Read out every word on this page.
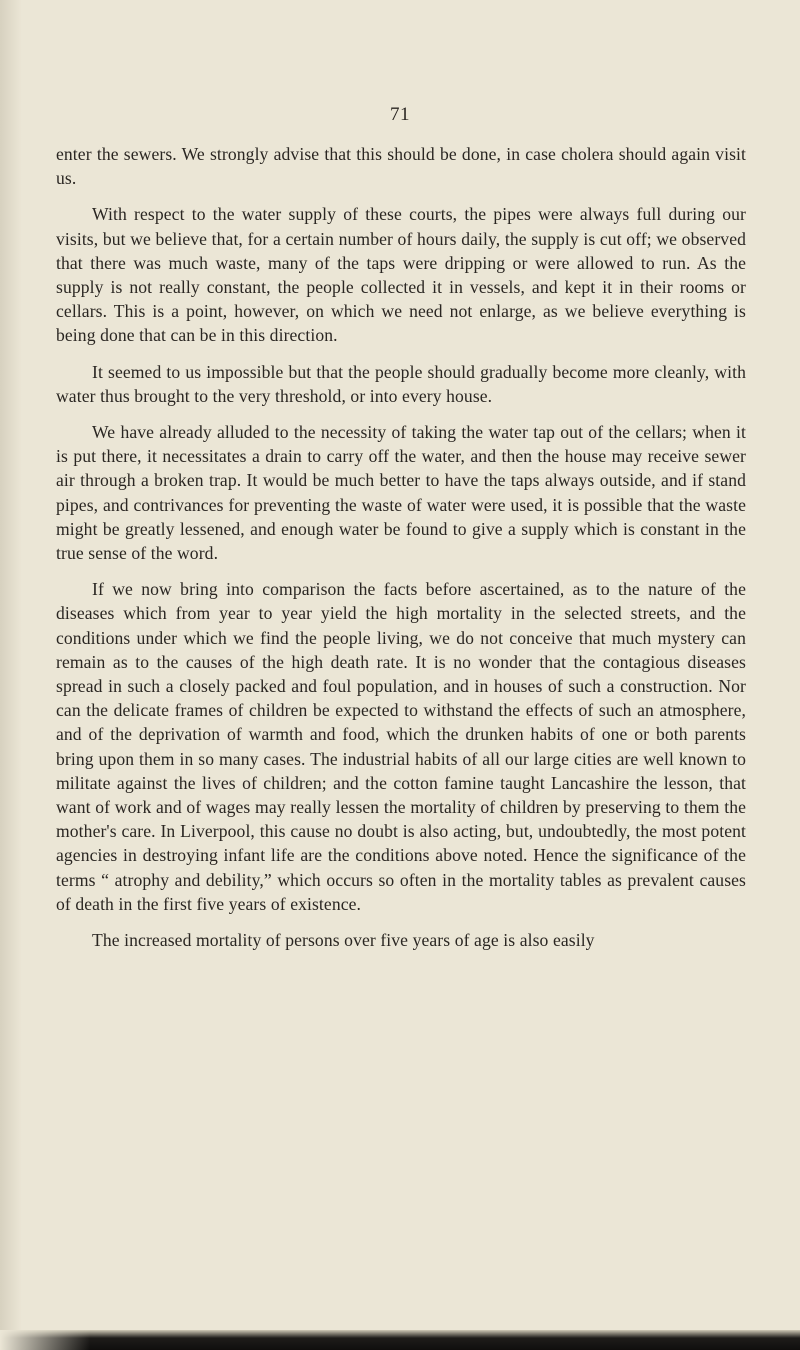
71

enter the sewers. We strongly advise that this should be done, in case cholera should again visit us.

With respect to the water supply of these courts, the pipes were always full during our visits, but we believe that, for a certain number of hours daily, the supply is cut off; we observed that there was much waste, many of the taps were dripping or were allowed to run. As the supply is not really constant, the people collected it in vessels, and kept it in their rooms or cellars. This is a point, however, on which we need not enlarge, as we believe everything is being done that can be in this direction.

It seemed to us impossible but that the people should gradually become more cleanly, with water thus brought to the very threshold, or into every house.

We have already alluded to the necessity of taking the water tap out of the cellars; when it is put there, it necessitates a drain to carry off the water, and then the house may receive sewer air through a broken trap. It would be much better to have the taps always outside, and if stand pipes, and contrivances for preventing the waste of water were used, it is possible that the waste might be greatly lessened, and enough water be found to give a supply which is constant in the true sense of the word.

If we now bring into comparison the facts before ascertained, as to the nature of the diseases which from year to year yield the high mortality in the selected streets, and the conditions under which we find the people living, we do not conceive that much mystery can remain as to the causes of the high death rate. It is no wonder that the contagious diseases spread in such a closely packed and foul population, and in houses of such a construction. Nor can the delicate frames of children be expected to withstand the effects of such an atmosphere, and of the deprivation of warmth and food, which the drunken habits of one or both parents bring upon them in so many cases. The industrial habits of all our large cities are well known to militate against the lives of children; and the cotton famine taught Lancashire the lesson, that want of work and of wages may really lessen the mortality of children by preserving to them the mother's care. In Liverpool, this cause no doubt is also acting, but, undoubtedly, the most potent agencies in destroying infant life are the conditions above noted. Hence the significance of the terms “ atrophy and debility,” which occurs so often in the mortality tables as prevalent causes of death in the first five years of existence.

The increased mortality of persons over five years of age is also easily
